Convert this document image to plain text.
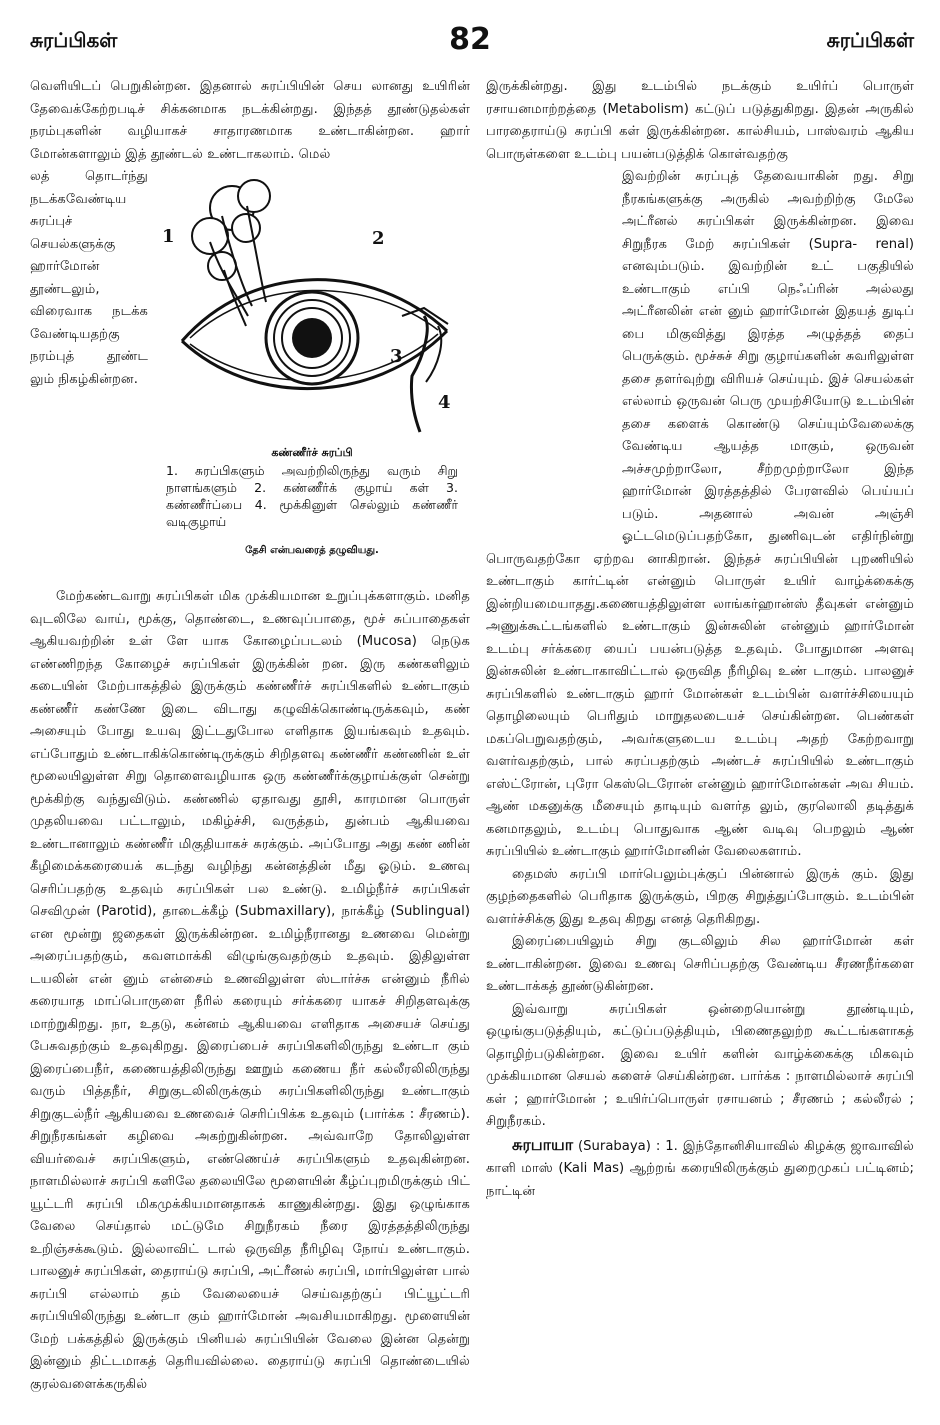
சுரப்பிகள்	82	சுரப்பிகள்

வெளியிடப் பெறுகின்றன. இதனால் சுரப்பியின் செய லானது உயிரின் தேவைக்கேற்றபடிச் சிக்கனமாக நடக்கின்றது. இந்தத் தூண்டுதல்கள் நரம்புகளின் வழியாகச் சாதாரணமாக உண்டாகின்றன. ஹார் மோன்களாலும் இத் தூண்டல் உண்டாகலாம். மெல்

1	2
3
4
கண்ணீர்ச் சுரப்பி
1. சுரப்பிகளும் அவற்றிலிருந்து வரும் சிறு நாளங்களும் 2. கண்ணீர்க் குழாய் கள் 3. கண்ணீர்ப்பை 4. மூக்கினுள் செல்லும் கண்ணீர் வடிகுழாய்
தேசி என்பவரைத் தழுவியது.

லத் தொடர்ந்து நடக்கவேண்டிய சுரப்புச் செயல்களுக்கு ஹார்மோன் தூண்டலும், விரைவாக நடக்க வேண்டியதற்கு நரம்புத் தூண்ட லும் நிகழ்கின்றன.

மேற்கண்டவாறு சுரப்பிகள் மிக முக்கியமான உறுப்புக்களாகும். மனித வுடலிலே வாய், மூக்கு, தொண்டை, உணவுப்பாதை, மூச் சுப்பாதைகள் ஆகியவற்றின் உள் ளே யாக கோழைப்படலம் (Mucosa) நெடுக எண்ணிறந்த கோழைச் சுரப்பிகள் இருக்கின் றன. இரு கண்களிலும் கடையின் மேற்பாகத்தில் இருக்கும் கண்ணீர்ச் சுரப்பிகளில் உண்டாகும் கண்ணீர் கண்ணே இடை விடாது கழுவிக்கொண்டிருக்கவும், கண் அசையும் போது உயவு இட்டதுபோல எளிதாக இயங்கவும் உதவும். எப்போதும் உண்டாகிக்கொண்டிருக்கும் சிறிதளவு கண்ணீர் கண்ணின் உள் மூலையிலுள்ள சிறு தொளைவழியாக ஒரு கண்ணீர்க்குழாய்க்குள் சென்று மூக்கிற்கு வந்துவிடும். கண்ணில் ஏதாவது தூசி, காரமான பொருள் முதலியவை பட்டாலும், மகிழ்ச்சி, வருத்தம், துன்பம் ஆகியவை உண்டானாலும் கண்ணீர் மிகுதியாகச் சுரக்கும். அப்போது அது கண் ணின் கீழிமைக்கரையைக் கடந்து வழிந்து கன்னத்தின் மீது ஓடும். உணவு செரிப்பதற்கு உதவும் சுரப்பிகள் பல உண்டு. உமிழ்நீர்ச் சுரப்பிகள் செவிமுன் (Parotid), தாடைக்கீழ் (Submaxillary), நாக்கீழ் (Sublingual) என மூன்று ஜதைகள் இருக்கின்றன. உமிழ்நீரானது உணவை மென்று அரைப்பதற்கும், கவளமாக்கி விழுங்குவதற்கும் உதவும். இதிலுள்ள டயலின் என் னும் என்சைம் உணவிலுள்ள ஸ்டார்ச்சு என்னும் நீரில் கரையாத மாப்பொருளை நீரில் கரையும் சர்க்கரை யாகச் சிறிதளவுக்கு மாற்றுகிறது. நா, உதடு, கன்னம் ஆகியவை எளிதாக அசையச் செய்து பேசுவதற்கும் உதவுகிறது. இரைப்பைச் சுரப்பிகளிலிருந்து உண்டா கும் இரைப்பைநீர், கணையத்திலிருந்து ஊறும் கணைய நீர் கல்லீரலிலிருந்து வரும் பித்தநீர், சிறுகுடலிலிருக்கும் சுரப்பிகளிலிருந்து உண்டாகும் சிறுகுடல்நீர் ஆகியவை உணவைச் செரிப்பிக்க உதவும் (பார்க்க : சீரணம்). சிறுநீரகங்கள் கழிவை அகற்றுகின்றன. அவ்வாறே தோலிலுள்ள வியர்வைச் சுரப்பிகளும், எண்ணெய்ச் சுரப்பிகளும் உதவுகின்றன. நாளமில்லாச் சுரப்பி களிலே தலையிலே மூளையின் கீழ்ப்புறமிருக்கும் பிட் யூட்டரி சுரப்பி மிகமுக்கியமானதாகக் காணுகின்றது. இது ஒழுங்காக வேலை செய்தால் மட்டுமே சிறுநீரகம் நீரை இரத்தத்திலிருந்து உறிஞ்சக்கூடும். இல்லாவிட் டால் ஒருவித நீரிழிவு நோய் உண்டாகும். பாலனுச் சுரப்பிகள், தைராய்டு சுரப்பி, அட்ரீனல் சுரப்பி, மார்பிலுள்ள பால் சுரப்பி எல்லாம் தம் வேலையைச் செய்வதற்குப் பிட்யூட்டரி சுரப்பியிலிருந்து உண்டா கும் ஹார்மோன் அவசியமாகிறது. மூளையின் மேற் பக்கத்தில் இருக்கும் பினியல் சுரப்பியின் வேலை இன்ன தென்று இன்னும் திட்டமாகத் தெரியவில்லை. தைராய்டு சுரப்பி தொண்டையில் குரல்வளைக்கருகில்

இருக்கின்றது. இது உடம்பில் நடக்கும் உயிர்ப் பொருள் ரசாயனமாற்றத்தை (Metabolism) கட்டுப் படுத்துகிறது. இதன் அருகில் பாரதைராய்டு சுரப்பி கள் இருக்கின்றன. கால்சியம், பாஸ்வரம் ஆகிய பொருள்களை உடம்பு பயன்படுத்திக் கொள்வதற்கு

இவற்றின் சுரப்புத் தேவையாகின் றது. சிறு நீரகங்களுக்கு அருகில் அவற்றிற்கு மேலே அட்ரீனல் சுரப்பிகள் இருக்கின்றன. இவை சிறுநீரக மேற் சுரப்பிகள் (Supra- renal) எனவும்படும். இவற்றின் உட் பகுதியில் உண்டாகும் எப்பி நெஃப்ரின் அல்லது அட்ரீனலின் என் னும் ஹார்மோன் இதயத் துடிப் பை மிகுவித்து இரத்த அழுத்தத் தைப் பெருக்கும். மூச்சுச் சிறு குழாய்களின் சுவரிலுள்ள தசை தளர்வுற்று விரியச் செய்யும். இச் செயல்கள் எல்லாம் ஒருவன் பெரு முயற்சியோடு உடம்பின் தசை களைக் கொண்டு செய்யும்வேலைக்கு வேண்டிய ஆயத்த மாகும், ஒருவன் அச்சமுற்றாலோ, சீற்றமுற்றாலோ இந்த ஹார்மோன் இரத்தத்தில் பேரளவில் பெய்யப் படும். அதனால் அவன் அஞ்சி ஓட்டமெடுப்பதற்கோ, துணிவுடன் எதிர்நின்று பொருவதற்கோ ஏற்றவ னாகிறான். இந்தச் சுரப்பியின் புறணியில் உண்டாகும் கார்ட்டின் என்னும் பொருள் உயிர் வாழ்க்கைக்கு இன்றியமையாதது.கணையத்திலுள்ள லாங்கர்ஹான்ஸ் தீவுகள் என்னும் அணுக்கூட்டங்களில் உண்டாகும் இன்சுலின் என்னும் ஹார்மோன் உடம்பு சர்க்கரை யைப் பயன்படுத்த உதவும். போதுமான அளவு இன்சுலின் உண்டாகாவிட்டால் ஒருவித நீரிழிவு உண் டாகும். பாலனுச் சுரப்பிகளில் உண்டாகும் ஹார் மோன்கள் உடம்பின் வளர்ச்சியையும் தொழிலையும் பெரிதும் மாறுதலடையச் செய்கின்றன. பெண்கள் மகப்பெறுவதற்கும், அவர்களுடைய உடம்பு அதற் கேற்றவாறு வளர்வதற்கும், பால் சுரப்பதற்கும் அண்டச் சுரப்பியில் உண்டாகும் எஸ்ட்ரோன், புரோ கெஸ்டெரோன் என்னும் ஹார்மோன்கள் அவ சியம். ஆண் மகனுக்கு மீசையும் தாடியும் வளர்த லும், குரலொலி தடித்துக் கனமாதலும், உடம்பு பொதுவாக ஆண் வடிவு பெறலும் ஆண் சுரப்பியில் உண்டாகும் ஹார்மோனின் வேலைகளாம்.

தைமஸ் சுரப்பி மார்பெலும்புக்குப் பின்னால் இருக் கும். இது குழந்தைகளில் பெரிதாக இருக்கும், பிறகு சிறுத்துப்போகும். உடம்பின் வளர்ச்சிக்கு இது உதவு கிறது எனத் தெரிகிறது.

இரைப்பையிலும் சிறு குடலிலும் சில ஹார்மோன் கள் உண்டாகின்றன. இவை உணவு செரிப்பதற்கு வேண்டிய சீரணநீர்களை உண்டாக்கத் தூண்டுகின்றன.

இவ்வாறு சுரப்பிகள் ஒன்றையொன்று தூண்டியும், ஒழுங்குபடுத்தியும், கட்டுப்படுத்தியும், பிணைதலுற்ற கூட்டங்களாகத் தொழிற்படுகின்றன. இவை உயிர் களின் வாழ்க்கைக்கு மிகவும் முக்கியமான செயல் களைச் செய்கின்றன. பார்க்க : நாளமில்லாச் சுரப்பி கள் ; ஹார்மோன் ; உயிர்ப்பொருள் ரசாயனம் ; சீரணம் ; கல்லீரல் ; சிறுநீரகம்.

சுரபாயா (Surabaya) : 1. இந்தோனிசியாவில் கிழக்கு ஜாவாவில் காளி மாஸ் (Kali Mas) ஆற்றங் கரையிலிருக்கும் துறைமுகப் பட்டினம்; நாட்டின்
